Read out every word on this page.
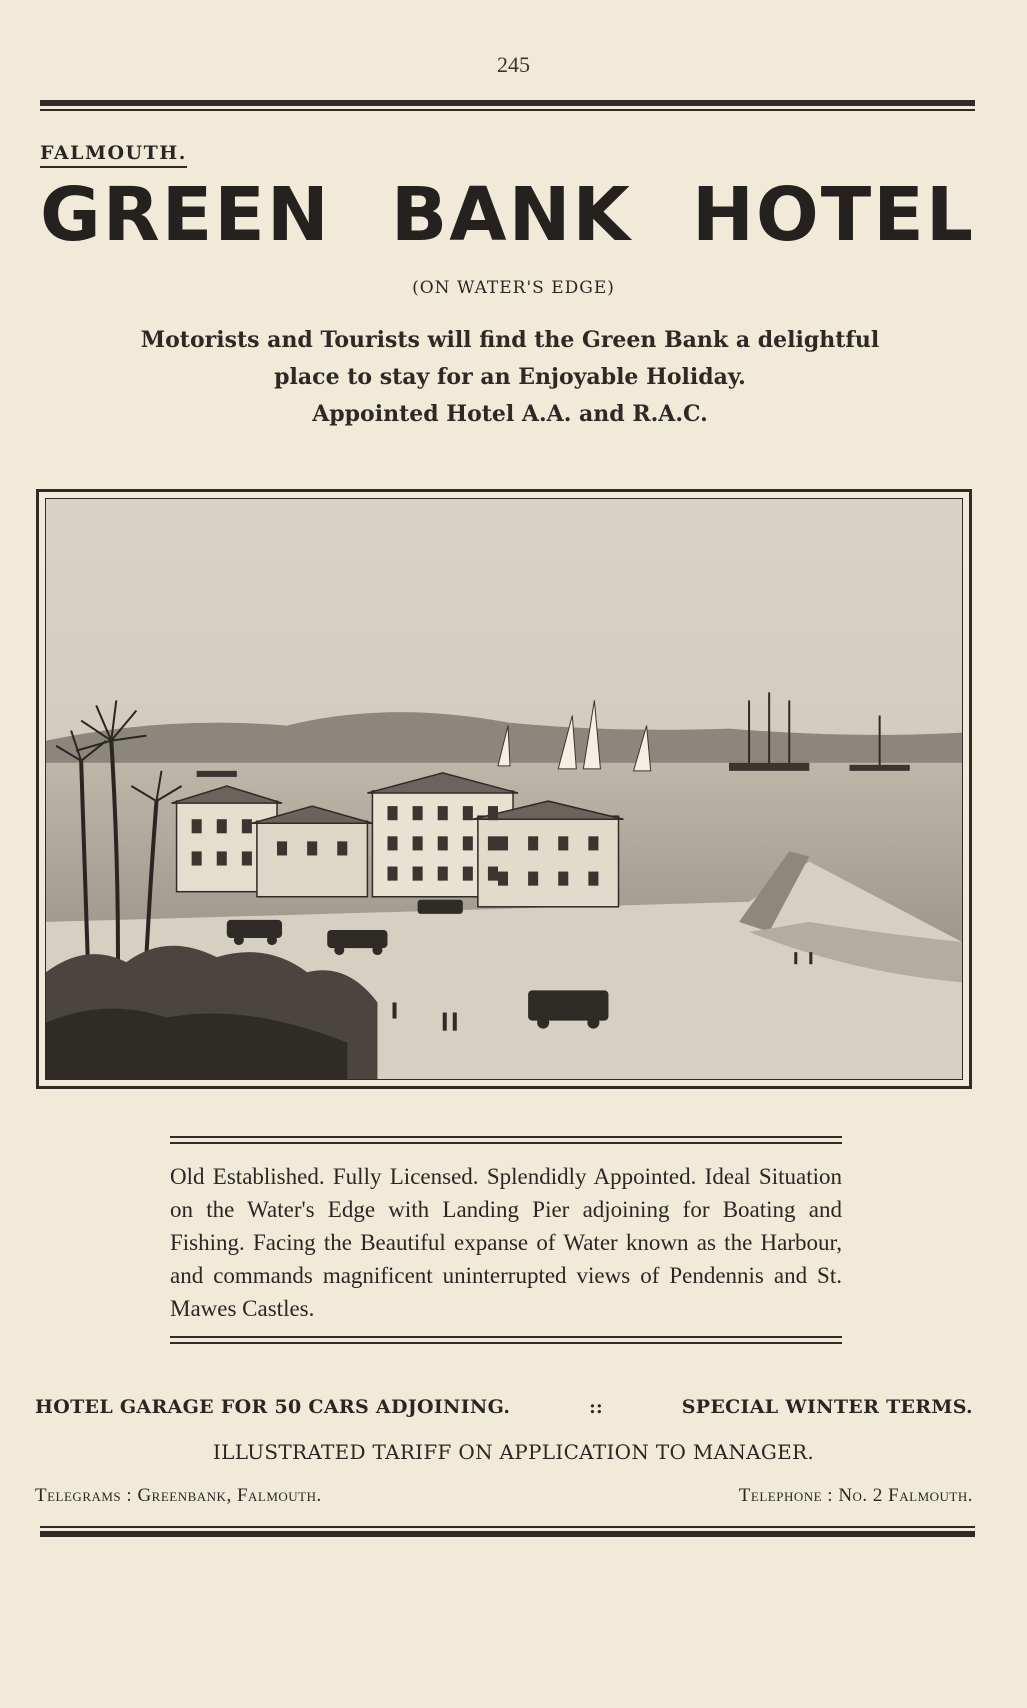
245
FALMOUTH.
GREEN BANK HOTEL
(ON WATER'S EDGE)
Motorists and Tourists will find the Green Bank a delightful
place to stay for an Enjoyable Holiday.
Appointed Hotel A.A. and R.A.C.
Old Established. Fully Licensed. Splendidly Appointed. Ideal Situation on the Water's Edge with Landing Pier adjoining for Boating and Fishing. Facing the Beautiful expanse of Water known as the Harbour, and commands magnificent uninterrupted views of Pendennis and St. Mawes Castles.
HOTEL GARAGE FOR 50 CARS ADJOINING.	::	SPECIAL WINTER TERMS.
ILLUSTRATED TARIFF ON APPLICATION TO MANAGER.
Telegrams : Greenbank, Falmouth.	Telephone : No. 2 Falmouth.
